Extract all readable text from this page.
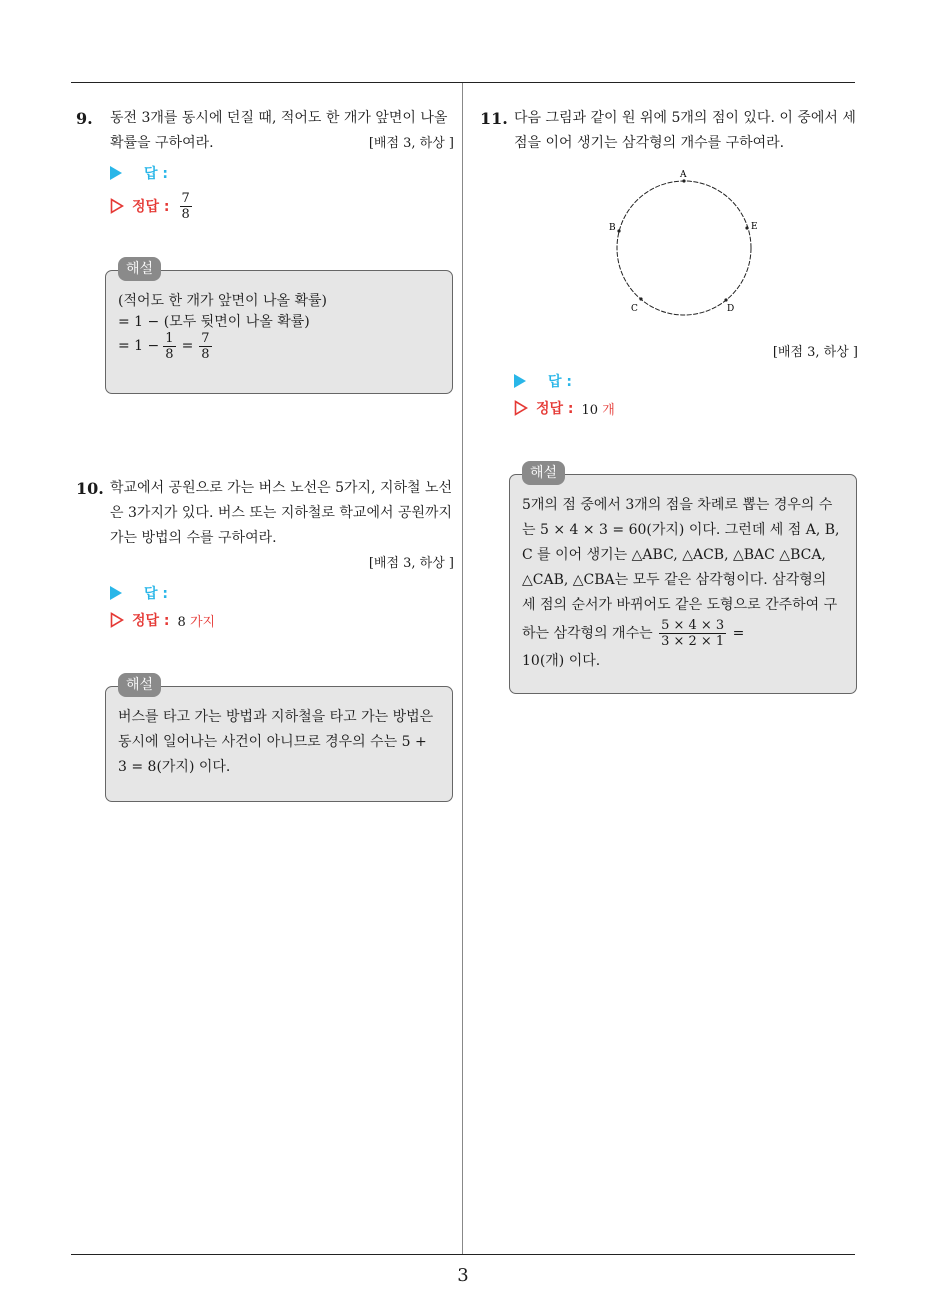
9. 동전 3개를 동시에 던질 때, 적어도 한 개가 앞면이 나올 확률을 구하여라.	[배점 3, 하상 ]
답 :
정답 : $\frac{7}{8}$
해설
(적어도 한 개가 앞면이 나올 확률)
= 1 − (모두 뒷면이 나올 확률)
= $1 - \frac{1}{8} = \frac{7}{8}$
10. 학교에서 공원으로 가는 버스 노선은 5가지, 지하철 노선은 3가지가 있다. 버스 또는 지하철로 학교에서 공원까지 가는 방법의 수를 구하여라.
[배점 3, 하상 ]
답 :
정답 : 8 가지
해설
버스를 타고 가는 방법과 지하철을 타고 가는 방법은 동시에 일어나는 사건이 아니므로 경우의 수는 5 + 3 = 8(가지) 이다.
11. 다음 그림과 같이 원 위에 5개의 점이 있다. 이 중에서 세 점을 이어 생기는 삼각형의 개수를 구하여라.
A
B
C	D
E
[배점 3, 하상 ]
답 :
정답 : 10 개
해설
5개의 점 중에서 3개의 점을 차례로 뽑는 경우의 수는 5 × 4 × 3 = 60(가지) 이다. 그런데 세 점 A, B, C 를 이어 생기는 △ABC, △ACB, △BAC △BCA, △CAB, △CBA는 모두 같은 삼각형이다. 삼각형의 세 점의 순서가 바뀌어도 같은 도형으로 간주하여 구하는 삼각형의 개수는 $\frac{5 \times 4 \times 3}{3 \times 2 \times 1}$ =
10(개) 이다.
3
